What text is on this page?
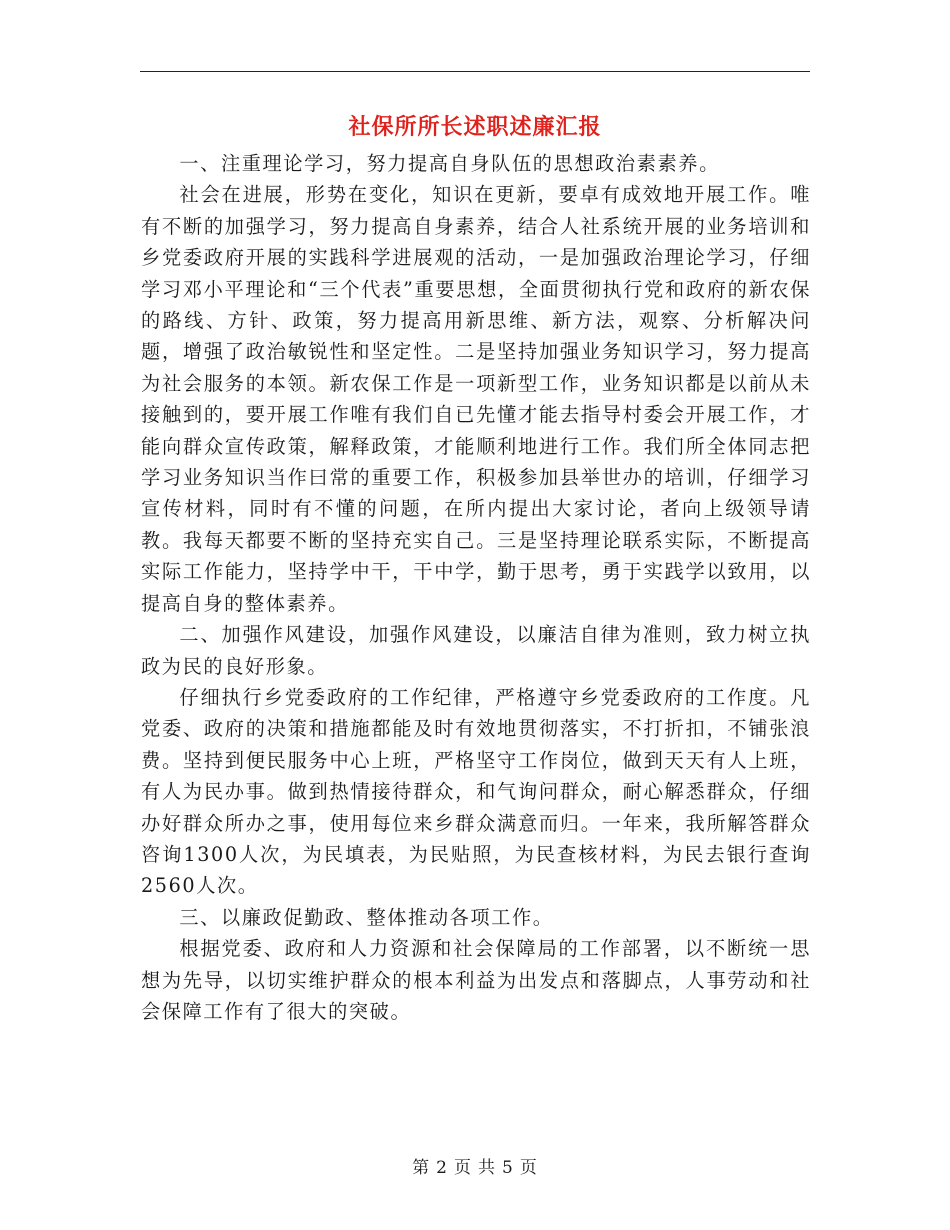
社保所所长述职述廉汇报

一、注重理论学习，努力提高自身队伍的思想政治素素养。

社会在进展，形势在变化，知识在更新，要卓有成效地开展工作。唯有不断的加强学习，努力提高自身素养，结合人社系统开展的业务培训和乡党委政府开展的实践科学进展观的活动，一是加强政治理论学习，仔细学习邓小平理论和“三个代表”重要思想，全面贯彻执行党和政府的新农保的路线、方针、政策，努力提高用新思维、新方法，观察、分析解决问题，增强了政治敏锐性和坚定性。二是坚持加强业务知识学习，努力提高为社会服务的本领。新农保工作是一项新型工作，业务知识都是以前从未接触到的，要开展工作唯有我们自已先懂才能去指导村委会开展工作，才能向群众宣传政策，解释政策，才能顺利地进行工作。我们所全体同志把学习业务知识当作曰常的重要工作，积极参加县举世办的培训，仔细学习宣传材料，同时有不懂的问题，在所内提出大家讨论，者向上级领导请教。我每天都要不断的坚持充实自己。三是坚持理论联系实际，不断提高实际工作能力，坚持学中干，干中学，勤于思考，勇于实践学以致用，以提高自身的整体素养。

二、加强作风建设，加强作风建设，以廉洁自律为准则，致力树立执政为民的良好形象。

仔细执行乡党委政府的工作纪律，严格遵守乡党委政府的工作度。凡党委、政府的决策和措施都能及时有效地贯彻落实，不打折扣，不铺张浪费。坚持到便民服务中心上班，严格坚守工作岗位，做到天天有人上班，有人为民办事。做到热情接待群众，和气询问群众，耐心解悉群众，仔细办好群众所办之事，使用每位来乡群众满意而归。一年来，我所解答群众咨询1300人次，为民填表，为民贴照，为民查核材料，为民去银行查询2560人次。

三、以廉政促勤政、整体推动各项工作。

根据党委、政府和人力资源和社会保障局的工作部署，以不断统一思想为先导，以切实维护群众的根本利益为出发点和落脚点，人事劳动和社会保障工作有了很大的突破。

第 2 页 共 5 页
